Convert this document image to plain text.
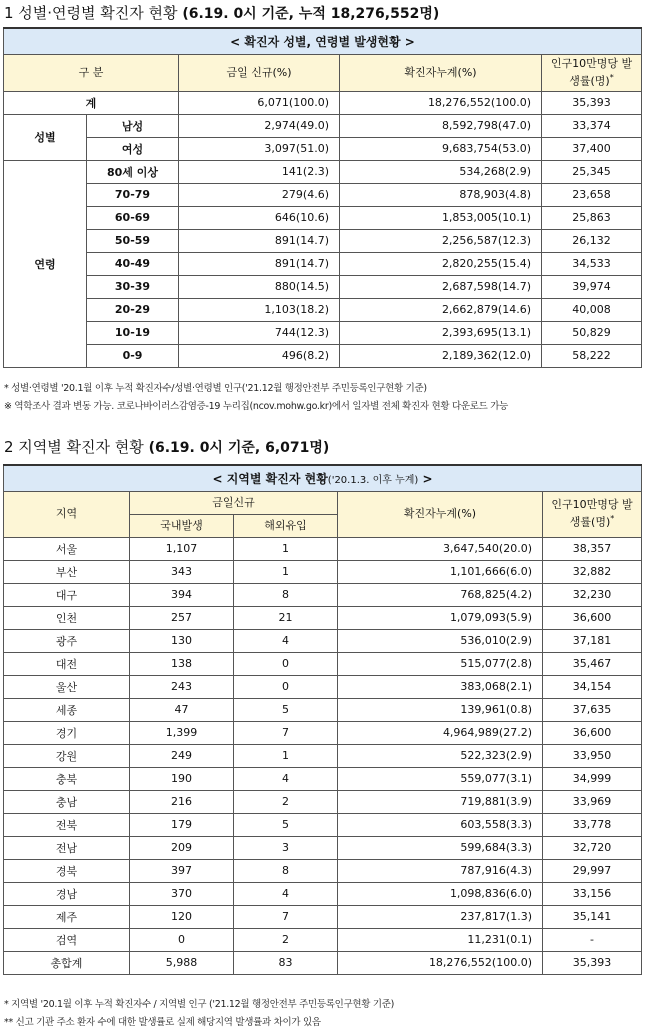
1 성별·연령별 확진자 현황 (6.19. 0시 기준, 누적 18,276,552명)
< 확진자 성별, 연령별 발생현황 >				
구 분		금일 신규(%)	확진자누계(%)	인구10만명당 발생률(명)*
계		6,071(100.0)	18,276,552(100.0)	35,393
성별	남성	2,974(49.0)	8,592,798(47.0)	33,374
	여성	3,097(51.0)	9,683,754(53.0)	37,400
연령	80세 이상	141(2.3)	534,268(2.9)	25,345
	70-79	279(4.6)	878,903(4.8)	23,658
	60-69	646(10.6)	1,853,005(10.1)	25,863
	50-59	891(14.7)	2,256,587(12.3)	26,132
	40-49	891(14.7)	2,820,255(15.4)	34,533
	30-39	880(14.5)	2,687,598(14.7)	39,974
	20-29	1,103(18.2)	2,662,879(14.6)	40,008
	10-19	744(12.3)	2,393,695(13.1)	50,829
	0-9	496(8.2)	2,189,362(12.0)	58,222
* 성별·연령별 '20.1월 이후 누적 확진자수/성별·연령별 인구('21.12월 행정안전부 주민등록인구현황 기준)
※ 역학조사 결과 변동 가능. 코로나바이러스감염증-19 누리집(ncov.mohw.go.kr)에서 일자별 전체 확진자 현황 다운로드 가능
2 지역별 확진자 현황 (6.19. 0시 기준, 6,071명)
< 지역별 확진자 현황('20.1.3. 이후 누계) >				
지역	금일신규		확진자누계(%)	인구10만명당 발생률(명)*
	국내발생	해외유입		
서울	1,107	1	3,647,540(20.0)	38,357
부산	343	1	1,101,666(6.0)	32,882
대구	394	8	768,825(4.2)	32,230
인천	257	21	1,079,093(5.9)	36,600
광주	130	4	536,010(2.9)	37,181
대전	138	0	515,077(2.8)	35,467
울산	243	0	383,068(2.1)	34,154
세종	47	5	139,961(0.8)	37,635
경기	1,399	7	4,964,989(27.2)	36,600
강원	249	1	522,323(2.9)	33,950
충북	190	4	559,077(3.1)	34,999
충남	216	2	719,881(3.9)	33,969
전북	179	5	603,558(3.3)	33,778
전남	209	3	599,684(3.3)	32,720
경북	397	8	787,916(4.3)	29,997
경남	370	4	1,098,836(6.0)	33,156
제주	120	7	237,817(1.3)	35,141
검역	0	2	11,231(0.1)	-
총합계	5,988	83	18,276,552(100.0)	35,393
* 지역별 '20.1월 이후 누적 확진자수 / 지역별 인구 ('21.12월 행정안전부 주민등록인구현황 기준)
** 신고 기관 주소 환자 수에 대한 발생률로 실제 해당지역 발생률과 차이가 있음
